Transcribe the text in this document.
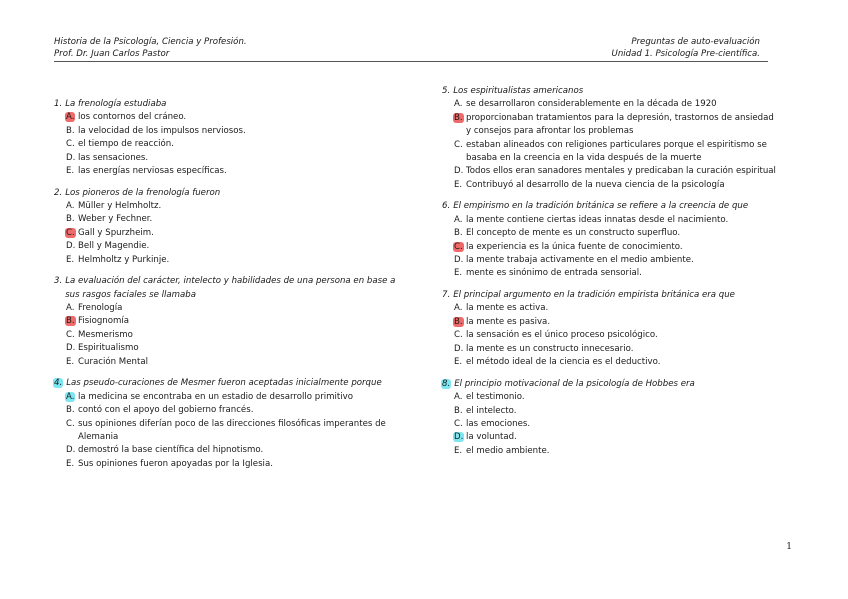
Historia de la Psicología, Ciencia y Profesión.
Prof. Dr. Juan Carlos Pastor
Preguntas de auto-evaluación
Unidad 1. Psicología Pre-científica.
1. La frenología estudiaba
A. los contornos del cráneo.
B. la velocidad de los impulsos nerviosos.
C. el tiempo de reacción.
D. las sensaciones.
E. las energías nerviosas específicas.
2. Los pioneros de la frenología fueron
A. Müller y Helmholtz.
B. Weber y Fechner.
C. Gall y Spurzheim.
D. Bell y Magendie.
E. Helmholtz y Purkinje.
3. La evaluación del carácter, intelecto y habilidades de una persona en base a sus rasgos faciales se llamaba
A. Frenología
B. Fisiognomía
C. Mesmerismo
D. Espiritualismo
E. Curación Mental
4. Las pseudo-curaciones de Mesmer fueron aceptadas inicialmente porque
A. la medicina se encontraba en un estadio de desarrollo primitivo
B. contó con el apoyo del gobierno francés.
C. sus opiniones diferían poco de las direcciones filosóficas imperantes de Alemania
D. demostró la base científica del hipnotismo.
E. Sus opiniones fueron apoyadas por la Iglesia.
5. Los espiritualistas americanos
A. se desarrollaron considerablemente en la década de 1920
B. proporcionaban tratamientos para la depresión, trastornos de ansiedad y consejos para afrontar los problemas
C. estaban alineados con religiones particulares porque el espiritismo se basaba en la creencia en la vida después de la muerte
D. Todos ellos eran sanadores mentales y predicaban la curación espiritual
E. Contribuyó al desarrollo de la nueva ciencia de la psicología
6. El empirismo en la tradición británica se refiere a la creencia de que
A. la mente contiene ciertas ideas innatas desde el nacimiento.
B. El concepto de mente es un constructo superfluo.
C. la experiencia es la única fuente de conocimiento.
D. la mente trabaja activamente en el medio ambiente.
E. mente es sinónimo de entrada sensorial.
7. El principal argumento en la tradición empirista británica era que
A. la mente es activa.
B. la mente es pasiva.
C. la sensación es el único proceso psicológico.
D. la mente es un constructo innecesario.
E. el método ideal de la ciencia es el deductivo.
8. El principio motivacional de la psicología de Hobbes era
A. el testimonio.
B. el intelecto.
C. las emociones.
D. la voluntad.
E. el medio ambiente.
1
